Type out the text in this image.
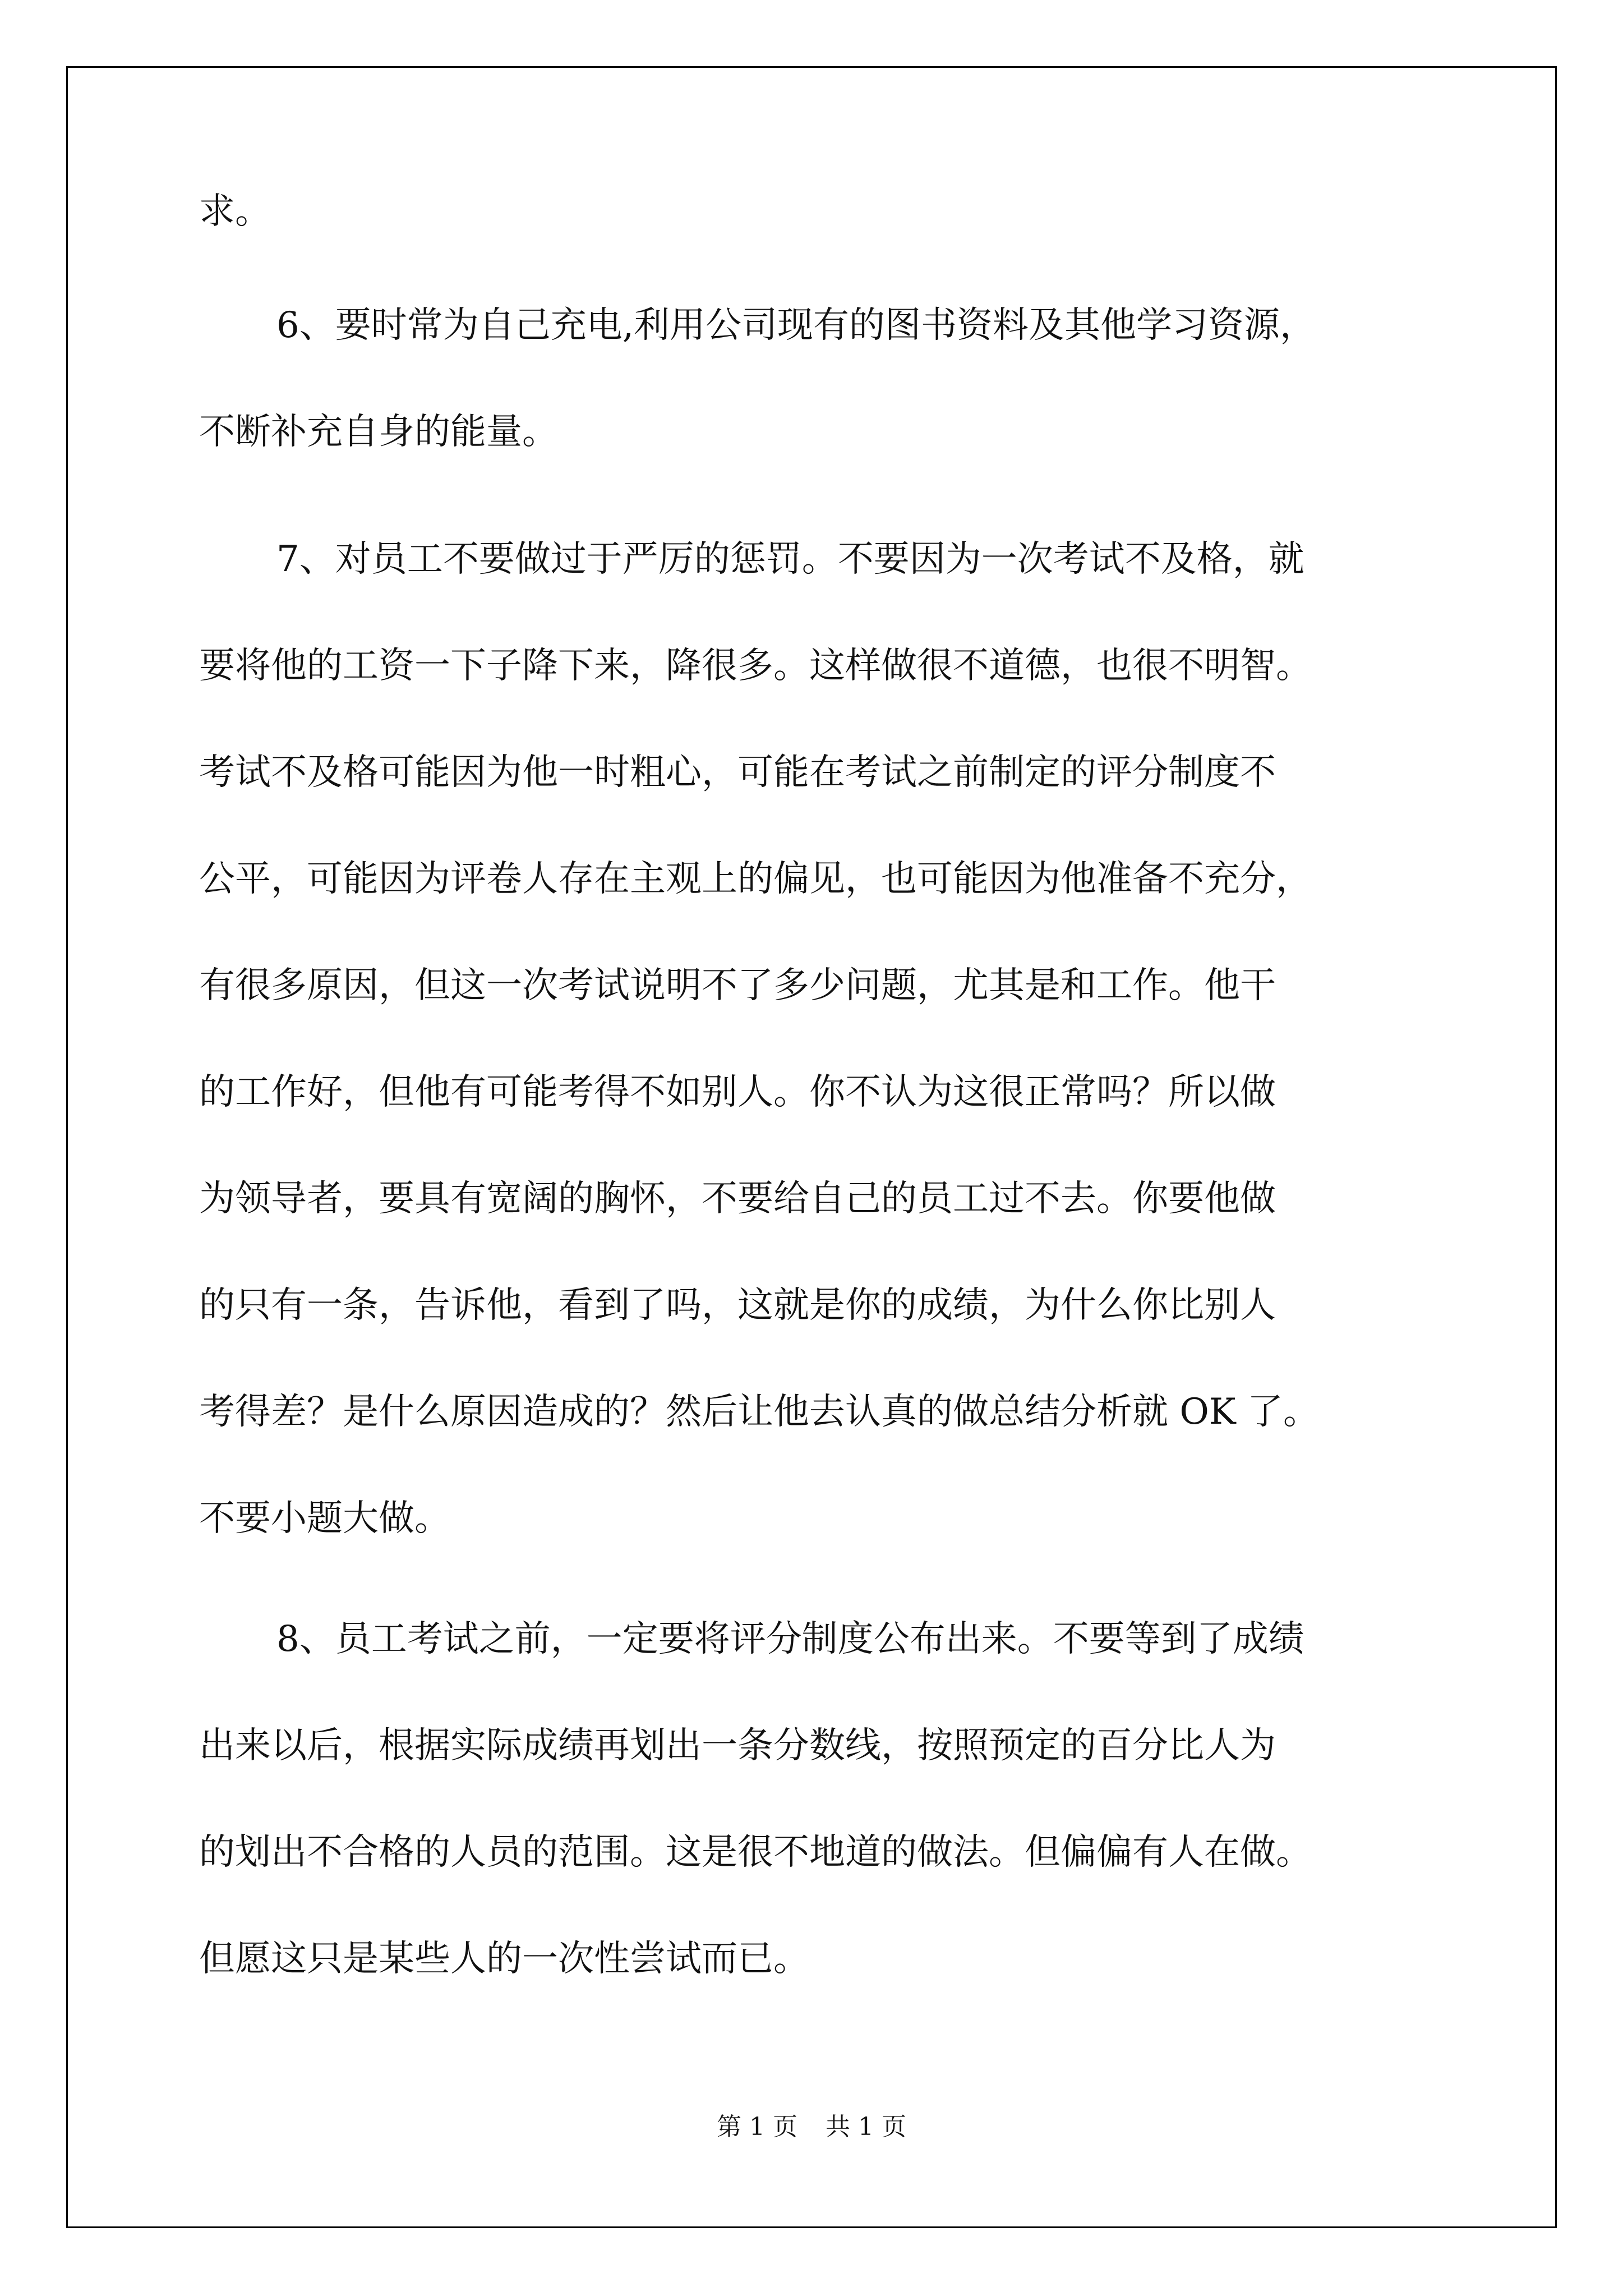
求。
6、要时常为自己充电,利用公司现有的图书资料及其他学习资源，
不断补充自身的能量。
7、对员工不要做过于严厉的惩罚。不要因为一次考试不及格，就
要将他的工资一下子降下来，降很多。这样做很不道德，也很不明智。
考试不及格可能因为他一时粗心，可能在考试之前制定的评分制度不
公平，可能因为评卷人存在主观上的偏见，也可能因为他准备不充分，
有很多原因，但这一次考试说明不了多少问题，尤其是和工作。他干
的工作好，但他有可能考得不如别人。你不认为这很正常吗？所以做
为领导者，要具有宽阔的胸怀，不要给自己的员工过不去。你要他做
的只有一条，告诉他，看到了吗，这就是你的成绩，为什么你比别人
考得差？是什么原因造成的？然后让他去认真的做总结分析就 OK 了。
不要小题大做。
8、员工考试之前，一定要将评分制度公布出来。不要等到了成绩
出来以后，根据实际成绩再划出一条分数线，按照预定的百分比人为
的划出不合格的人员的范围。这是很不地道的做法。但偏偏有人在做。
但愿这只是某些人的一次性尝试而已。
第 1 页 共 1 页
